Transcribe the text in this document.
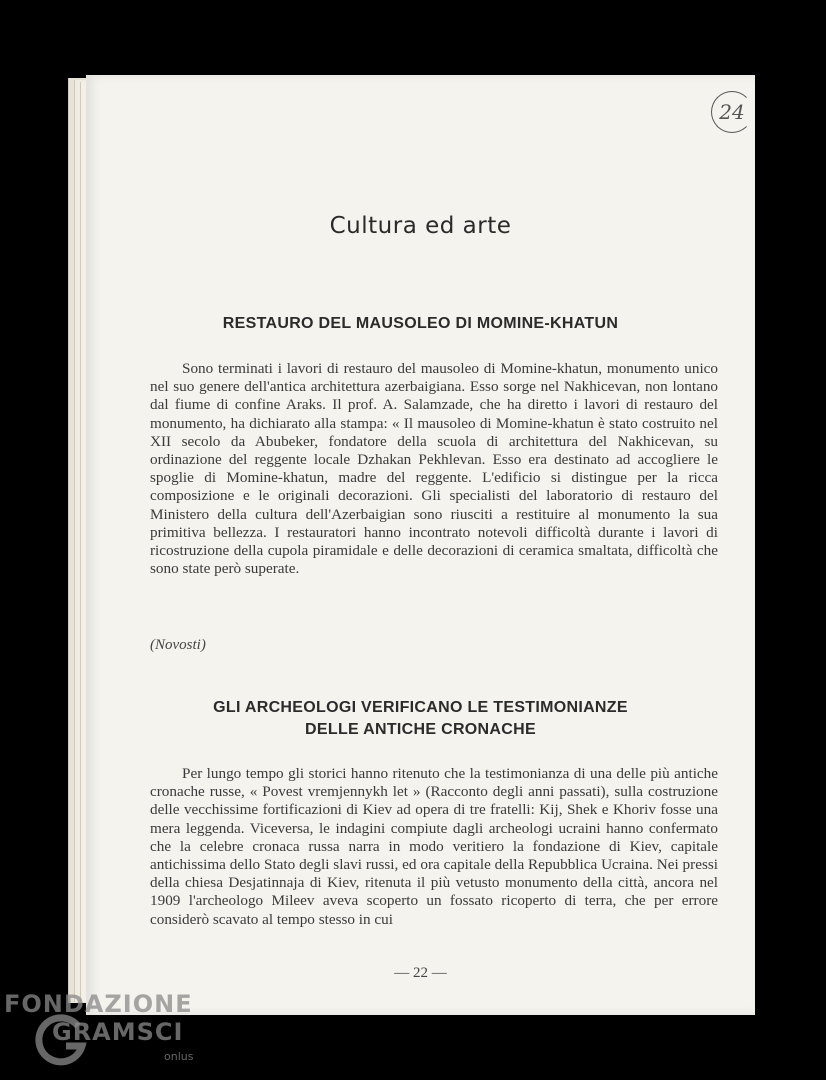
24
Cultura ed arte
RESTAURO DEL MAUSOLEO DI MOMINE-KHATUN

Sono terminati i lavori di restauro del mausoleo di Momine-khatun, monumento unico nel suo genere dell'antica architettura azerbaigiana. Esso sorge nel Nakhicevan, non lontano dal fiume di confine Araks. Il prof. A. Salamzade, che ha diretto i lavori di restauro del monumento, ha dichiarato alla stampa: « Il mausoleo di Momine-khatun è stato costruito nel XII secolo da Abubeker, fondatore della scuola di architettura del Nakhicevan, su ordinazione del reggente locale Dzhakan Pekhlevan. Esso era destinato ad accogliere le spoglie di Momine-khatun, madre del reggente. L'edificio si distingue per la ricca composizione e le originali decorazioni. Gli specialisti del laboratorio di restauro del Ministero della cultura dell'Azerbaigian sono riusciti a restituire al monumento la sua primitiva bellezza. I restauratori hanno incontrato notevoli difficoltà durante i lavori di ricostruzione della cupola piramidale e delle decorazioni di ceramica smaltata, difficoltà che sono state però superate.

(Novosti)
GLI ARCHEOLOGI VERIFICANO LE TESTIMONIANZE
DELLE ANTICHE CRONACHE

Per lungo tempo gli storici hanno ritenuto che la testimonianza di una delle più antiche cronache russe, « Povest vremjennykh let » (Racconto degli anni passati), sulla costruzione delle vecchissime fortificazioni di Kiev ad opera di tre fratelli: Kij, Shek e Khoriv fosse una mera leggenda. Viceversa, le indagini compiute dagli archeologi ucraini hanno confermato che la celebre cronaca russa narra in modo veritiero la fondazione di Kiev, capitale antichissima dello Stato degli slavi russi, ed ora capitale della Repubblica Ucraina. Nei pressi della chiesa Desjatinnaja di Kiev, ritenuta il più vetusto monumento della città, ancora nel 1909 l'archeologo Mileev aveva scoperto un fossato ricoperto di terra, che per errore considerò scavato al tempo stesso in cui

— 22 —
FONDAZIONE
GRAMSCI
onlus
